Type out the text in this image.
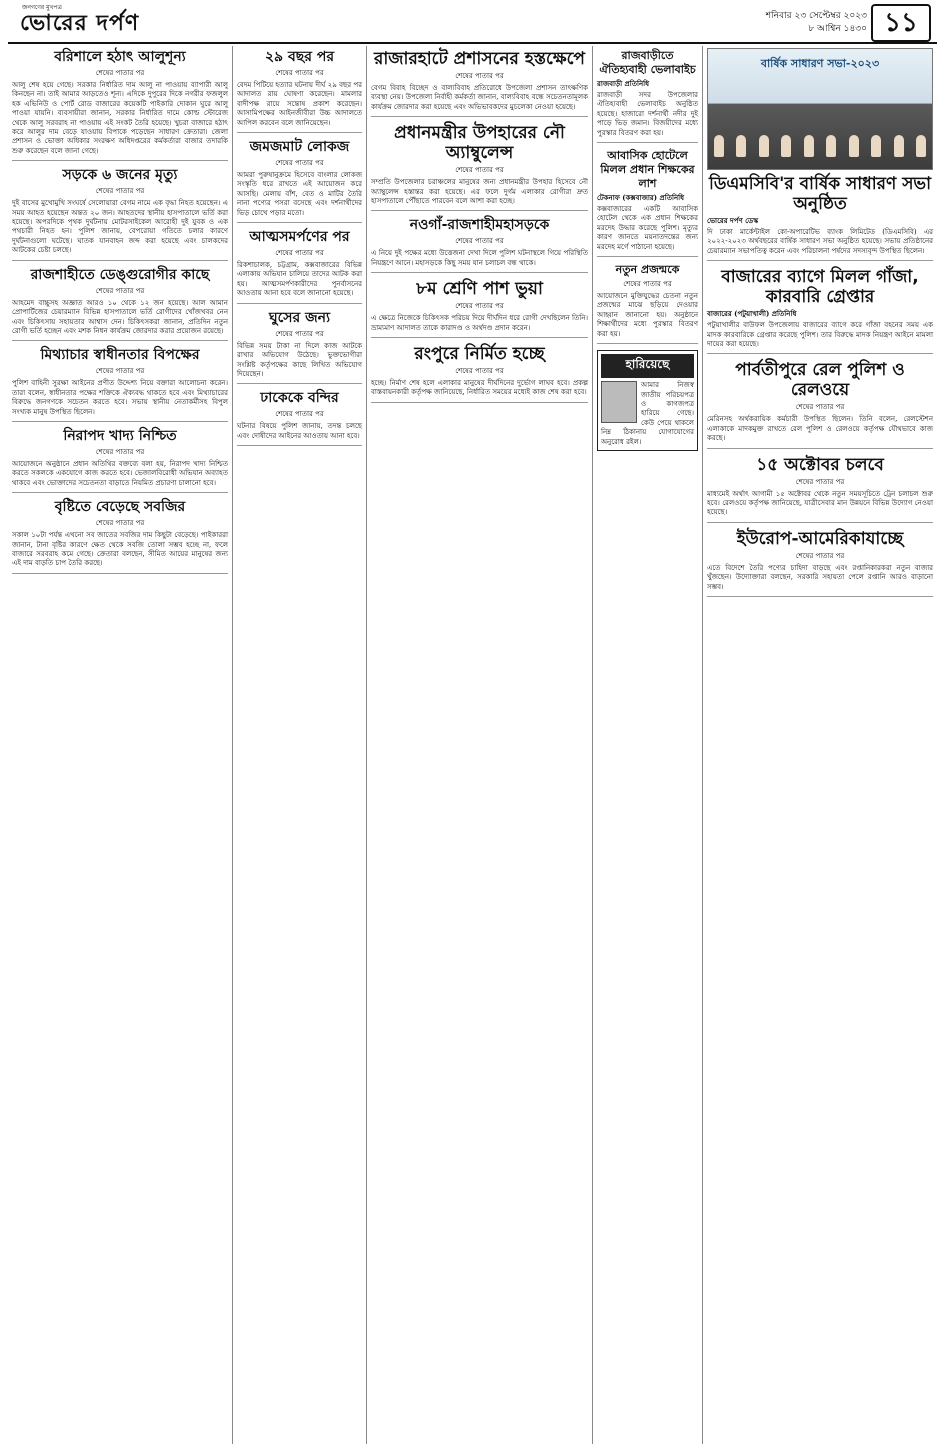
জনগণের মুখপত্র
ভোরের দর্পণ	শনিবার ২৩ সেপ্টেম্বর ২০২৩
৮ আশ্বিন ১৪৩০ ১১
বরিশালে হঠাৎ আলুশূন্য
শেষের পাতার পর

আলু শেষ হয়ে গেছে। সরকার নির্ধারিত দাম আলু না পাওয়ায় ব্যাপারী আলু কিনছেন না। তাই আমার আড়তেও শূন্য। এদিকে দুপুরের দিকে নগরীর ফজলুল হক এভিনিউ ও পোর্ট রোড বাজারের কয়েকটি পাইকারি দোকান ঘুরে আলু পাওয়া যায়নি। ব্যবসায়ীরা জানান, সরকার নির্ধারিত দামে কোল্ড স্টোরেজ থেকে আলু সরবরাহ না পাওয়ায় এই সংকট তৈরি হয়েছে। খুচরা বাজারে হঠাৎ করে আলুর দাম বেড়ে যাওয়ায় বিপাকে পড়েছেন সাধারণ ক্রেতারা। জেলা প্রশাসন ও ভোক্তা অধিকার সংরক্ষণ অধিদপ্তরের কর্মকর্তারা বাজার তদারকি শুরু করেছেন বলে জানা গেছে।

সড়কে ৬ জনের মৃত্যু
শেষের পাতার পর

দুই বাসের মুখোমুখি সংঘর্ষে সেলোয়ারা বেগম নামে এক বৃদ্ধা নিহত হয়েছেন। এ সময় আহত হয়েছেন অন্তত ২০ জন। আহতদের স্থানীয় হাসপাতালে ভর্তি করা হয়েছে। অপরদিকে পৃথক দুর্ঘটনায় মোটরসাইকেল আরোহী দুই যুবক ও এক পথচারী নিহত হন। পুলিশ জানায়, বেপরোয়া গতিতে চলার কারণে দুর্ঘটনাগুলো ঘটেছে। ঘাতক যানবাহন জব্দ করা হয়েছে এবং চালকদের আটকের চেষ্টা চলছে।

রাজশাহীতে ডেঙ্গুরোগীর কাছে
শেষের পাতার পর

আহমেদ বাচ্চুসহ অজ্ঞাত আরও ১০ থেকে ১২ জন হয়েছে। আল আমান প্রোপার্টিজের চেয়ারম্যান বিভিন্ন হাসপাতালে ভর্তি রোগীদের খোঁজখবর নেন এবং চিকিৎসায় সহায়তার আশ্বাস দেন। চিকিৎসকরা জানান, প্রতিদিন নতুন রোগী ভর্তি হচ্ছেন এবং মশক নিধন কার্যক্রম জোরদার করার প্রয়োজন রয়েছে।

মিথ্যাচার স্বাধীনতার বিপক্ষের
শেষের পাতার পর

পুলিশ বাহিনী সুরক্ষা আইনের প্রণীত উদ্দেশ্য নিয়ে বক্তারা আলোচনা করেন। তারা বলেন, স্বাধীনতার পক্ষের শক্তিকে ঐক্যবদ্ধ থাকতে হবে এবং মিথ্যাচারের বিরুদ্ধে জনগণকে সচেতন করতে হবে। সভায় স্থানীয় নেতাকর্মীসহ বিপুল সংখ্যক মানুষ উপস্থিত ছিলেন।

নিরাপদ খাদ্য নিশ্চিত
শেষের পাতার পর

আয়োজনে অনুষ্ঠানে প্রধান অতিথির বক্তব্যে বলা হয়, নিরাপদ খাদ্য নিশ্চিত করতে সকলকে একযোগে কাজ করতে হবে। ভেজালবিরোধী অভিযান অব্যাহত থাকবে এবং ভোক্তাদের সচেতনতা বাড়াতে নিয়মিত প্রচারণা চালানো হবে।

বৃষ্টিতে বেড়েছে সবজির
শেষের পাতার পর

সকাল ১০টা পর্যন্ত এখনো সব জাতের সবজির দাম কিছুটা বেড়েছে। পাইকাররা জানান, টানা বৃষ্টির কারণে ক্ষেত থেকে সবজি তোলা সম্ভব হচ্ছে না, ফলে বাজারে সরবরাহ কমে গেছে। ক্রেতারা বলছেন, সীমিত আয়ের মানুষের জন্য এই দাম বাড়তি চাপ তৈরি করছে।

২৯ বছর পর
শেষের পাতার পর

বেদম পিটিয়ে হত্যার ঘটনায় দীর্ঘ ২৯ বছর পর আদালত রায় ঘোষণা করেছেন। মামলার বাদীপক্ষ রায়ে সন্তোষ প্রকাশ করেছেন। আসামিপক্ষের আইনজীবীরা উচ্চ আদালতে আপিল করবেন বলে জানিয়েছেন।

জমজমাট লোকজ
শেষের পাতার পর

আমরা পুরুষানুক্রমে হিসেবে বাংলার লোকজ সংস্কৃতি ধরে রাখতে এই আয়োজন করে আসছি। মেলায় বাঁশ, বেত ও মাটির তৈরি নানা পণ্যের পসরা বসেছে এবং দর্শনার্থীদের ভিড় চোখে পড়ার মতো।

আত্মসমর্পণের পর
শেষের পাতার পর

রিকশাচালক, চট্টগ্রাম, কক্সবাজারের বিভিন্ন এলাকায় অভিযান চালিয়ে তাদের আটক করা হয়। আত্মসমর্পণকারীদের পুনর্বাসনের আওতায় আনা হবে বলে জানানো হয়েছে।

ঘুসের জন্য
শেষের পাতার পর

বিভিন্ন সময় টাকা না দিলে কাজ আটকে রাখার অভিযোগ উঠেছে। ভুক্তভোগীরা সংশ্লিষ্ট কর্তৃপক্ষের কাছে লিখিত অভিযোগ দিয়েছেন।

ঢাকেকে বন্দির
শেষের পাতার পর

ঘটনার বিষয়ে পুলিশ জানায়, তদন্ত চলছে এবং দোষীদের আইনের আওতায় আনা হবে।

রাজারহাটে প্রশাসনের হস্তক্ষেপে
শেষের পাতার পর

বেগম বিবাহ বিচ্ছেদ ও বাল্যবিবাহ প্রতিরোধে উপজেলা প্রশাসন তাৎক্ষণিক ব্যবস্থা নেয়। উপজেলা নির্বাহী কর্মকর্তা জানান, বাল্যবিবাহ বন্ধে সচেতনতামূলক কার্যক্রম জোরদার করা হয়েছে এবং অভিভাবকদের মুচলেকা নেওয়া হয়েছে।

প্রধানমন্ত্রীর উপহারের নৌ অ্যাম্বুলেন্স
শেষের পাতার পর

সম্প্রতি উপজেলার চরাঞ্চলের মানুষের জন্য প্রধানমন্ত্রীর উপহার হিসেবে নৌ অ্যাম্বুলেন্স হস্তান্তর করা হয়েছে। এর ফলে দুর্গম এলাকার রোগীরা দ্রুত হাসপাতালে পৌঁছাতে পারবেন বলে আশা করা হচ্ছে।

নওগাঁ-রাজশাহীমহাসড়কে
শেষের পাতার পর

এ নিয়ে দুই পক্ষের মধ্যে উত্তেজনা দেখা দিলে পুলিশ ঘটনাস্থলে গিয়ে পরিস্থিতি নিয়ন্ত্রণে আনে। মহাসড়কে কিছু সময় যান চলাচল বন্ধ থাকে।

৮ম শ্রেণি পাশ ভুয়া
শেষের পাতার পর

এ ক্ষেত্রে নিজেকে চিকিৎসক পরিচয় দিয়ে দীর্ঘদিন ধরে রোগী দেখছিলেন তিনি। ভ্রাম্যমাণ আদালত তাকে কারাদণ্ড ও অর্থদণ্ড প্রদান করেন।

রংপুরে নির্মিত হচ্ছে
শেষের পাতার পর

হচ্ছে। নির্মাণ শেষ হলে এলাকার মানুষের দীর্ঘদিনের দুর্ভোগ লাঘব হবে। প্রকল্প বাস্তবায়নকারী কর্তৃপক্ষ জানিয়েছে, নির্ধারিত সময়ের মধ্যেই কাজ শেষ করা হবে।

রাজবাড়ীতে ঐতিহ্যবাহী ভেলাবাইচ
রাজবাড়ী প্রতিনিধি

রাজবাড়ী সদর উপজেলার ঐতিহ্যবাহী ভেলাবাইচ অনুষ্ঠিত হয়েছে। হাজারো দর্শনার্থী নদীর দুই পাড়ে ভিড় জমান। বিজয়ীদের মধ্যে পুরস্কার বিতরণ করা হয়।

আবাসিক হোটেলে মিলল প্রধান শিক্ষকের লাশ
টেকনাফ (কক্সবাজার) প্রতিনিধি

কক্সবাজারের একটি আবাসিক হোটেল থেকে এক প্রধান শিক্ষকের মরদেহ উদ্ধার করেছে পুলিশ। মৃত্যুর কারণ জানতে ময়নাতদন্তের জন্য মরদেহ মর্গে পাঠানো হয়েছে।

নতুন প্রজন্মকে
শেষের পাতার পর

আয়োজনে মুক্তিযুদ্ধের চেতনা নতুন প্রজন্মের মাঝে ছড়িয়ে দেওয়ার আহ্বান জানানো হয়। অনুষ্ঠানে শিক্ষার্থীদের মধ্যে পুরস্কার বিতরণ করা হয়।

হারিয়েছে

আমার নিজস্ব জাতীয় পরিচয়পত্র ও কাগজপত্র হারিয়ে গেছে। কেউ পেয়ে থাকলে নিম্ন ঠিকানায় যোগাযোগের অনুরোধ রইল।

বার্ষিক সাধারণ সভা-২০২৩
ডিএমসিবি'র বার্ষিক সাধারণ সভা অনুষ্ঠিত
ভোরের দর্পণ ডেস্ক

দি ঢাকা মার্কেন্টাইল কো-অপারেটিভ ব্যাংক লিমিটেড (ডিএমসিবি) এর ২০২২-২০২৩ অর্থবছরের বার্ষিক সাধারণ সভা অনুষ্ঠিত হয়েছে। সভায় প্রতিষ্ঠানের চেয়ারম্যান সভাপতিত্ব করেন এবং পরিচালনা পর্ষদের সদস্যবৃন্দ উপস্থিত ছিলেন।

বাজারের ব্যাগে মিলল গাঁজা, কারবারি গ্রেপ্তার
বাজারের (পটুয়াখালী) প্রতিনিধি

পটুয়াখালীর বাউফল উপজেলায় বাজারের ব্যাগে করে গাঁজা বহনের সময় এক মাদক কারবারিকে গ্রেপ্তার করেছে পুলিশ। তার বিরুদ্ধে মাদক নিয়ন্ত্রণ আইনে মামলা দায়ের করা হয়েছে।

পার্বতীপুরে রেল পুলিশ ও রেলওয়ে
শেষের পাতার পর

মেরিনসহ অর্থকরায়িক কর্মচারী উপস্থিত ছিলেন। তিনি বলেন, রেলস্টেশন এলাকাকে মাদকমুক্ত রাখতে রেল পুলিশ ও রেলওয়ে কর্তৃপক্ষ যৌথভাবে কাজ করছে।

১৫ অক্টোবর চলবে
শেষের পাতার পর

মাধ্যমেই অর্থাৎ আগামী ১৫ অক্টোবর থেকে নতুন সময়সূচিতে ট্রেন চলাচল শুরু হবে। রেলওয়ে কর্তৃপক্ষ জানিয়েছে, যাত্রীসেবার মান উন্নয়নে বিভিন্ন উদ্যোগ নেওয়া হয়েছে।

ইউরোপ-আমেরিকাযাচ্ছে
শেষের পাতার পর

এতে বিদেশে তৈরি পণ্যের চাহিদা বাড়ছে এবং রপ্তানিকারকরা নতুন বাজার খুঁজছেন। উদ্যোক্তারা বলছেন, সরকারি সহায়তা পেলে রপ্তানি আরও বাড়ানো সম্ভব।
